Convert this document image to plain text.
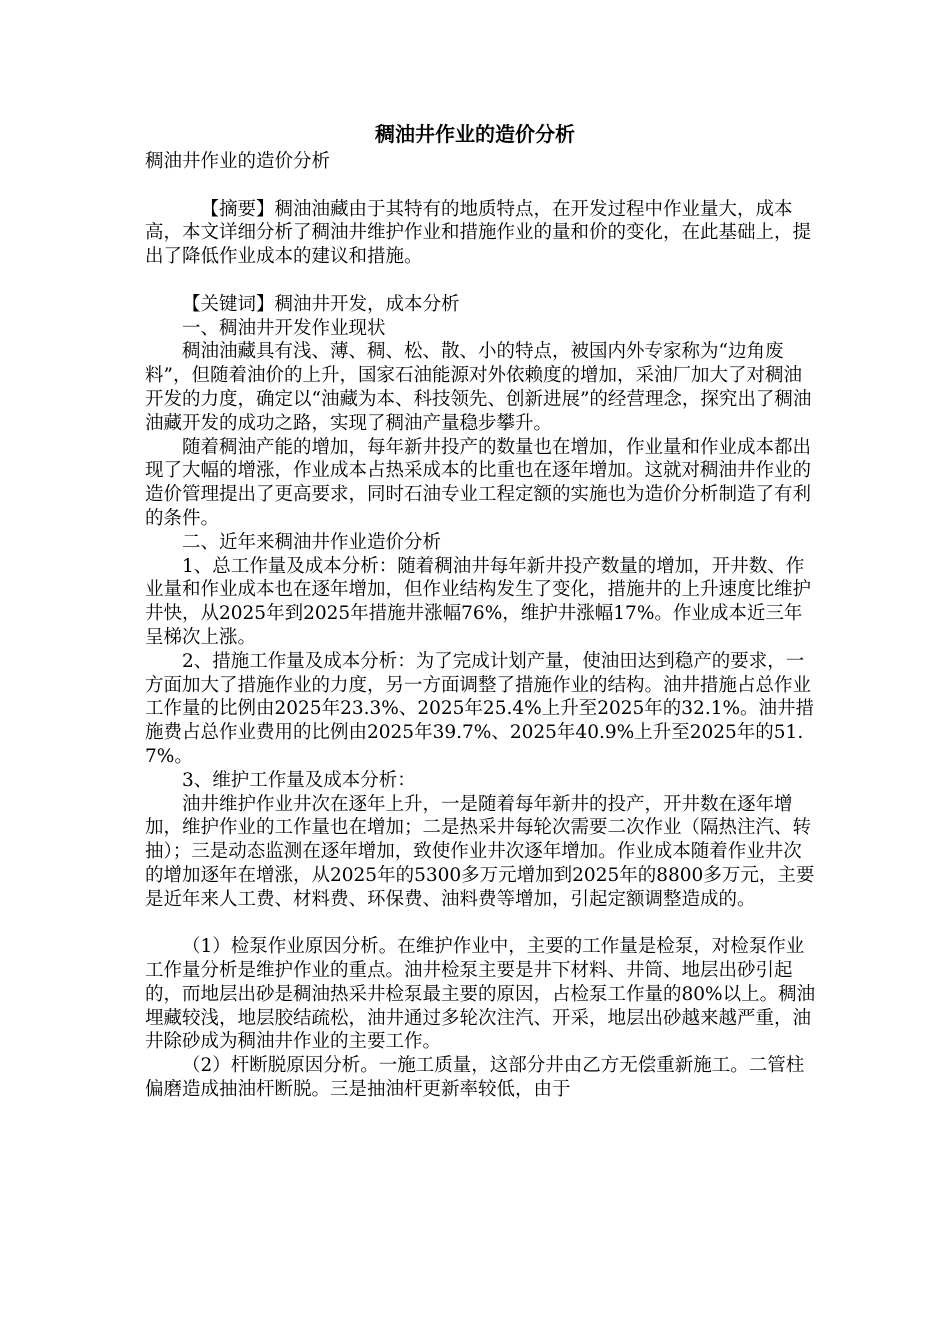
稠油井作业的造价分析

稠油井作业的造价分析

【摘要】稠油油藏由于其特有的地质特点，在开发过程中作业量大，成本高，本文详细分析了稠油井维护作业和措施作业的量和价的变化，在此基础上，提出了降低作业成本的建议和措施。

【关键词】稠油井开发，成本分析

一、稠油井开发作业现状

稠油油藏具有浅、薄、稠、松、散、小的特点，被国内外专家称为“边角废料”，但随着油价的上升，国家石油能源对外依赖度的增加，采油厂加大了对稠油开发的力度，确定以“油藏为本、科技领先、创新进展”的经营理念，探究出了稠油油藏开发的成功之路，实现了稠油产量稳步攀升。

随着稠油产能的增加，每年新井投产的数量也在增加，作业量和作业成本都出现了大幅的增涨，作业成本占热采成本的比重也在逐年增加。这就对稠油井作业的造价管理提出了更高要求，同时石油专业工程定额的实施也为造价分析制造了有利的条件。

二、近年来稠油井作业造价分析

1、总工作量及成本分析：随着稠油井每年新井投产数量的增加，开井数、作业量和作业成本也在逐年增加，但作业结构发生了变化，措施井的上升速度比维护井快，从2025年到2025年措施井涨幅76%，维护井涨幅17%。作业成本近三年呈梯次上涨。

2、措施工作量及成本分析：为了完成计划产量，使油田达到稳产的要求，一方面加大了措施作业的力度，另一方面调整了措施作业的结构。油井措施占总作业工作量的比例由2025年23.3%、2025年25.4%上升至2025年的32.1%。油井措施费占总作业费用的比例由2025年39.7%、2025年40.9%上升至2025年的51.7%。

3、维护工作量及成本分析：

油井维护作业井次在逐年上升，一是随着每年新井的投产，开井数在逐年增加，维护作业的工作量也在增加；二是热采井每轮次需要二次作业（隔热注汽、转抽）；三是动态监测在逐年增加，致使作业井次逐年增加。作业成本随着作业井次的增加逐年在增涨，从2025年的5300多万元增加到2025年的8800多万元，主要是近年来人工费、材料费、环保费、油料费等增加，引起定额调整造成的。

（1）检泵作业原因分析。在维护作业中，主要的工作量是检泵，对检泵作业工作量分析是维护作业的重点。油井检泵主要是井下材料、井筒、地层出砂引起的，而地层出砂是稠油热采井检泵最主要的原因，占检泵工作量的80%以上。稠油埋藏较浅，地层胶结疏松，油井通过多轮次注汽、开采，地层出砂越来越严重，油井除砂成为稠油井作业的主要工作。

（2）杆断脱原因分析。一施工质量，这部分井由乙方无偿重新施工。二管柱偏磨造成抽油杆断脱。三是抽油杆更新率较低，由于
